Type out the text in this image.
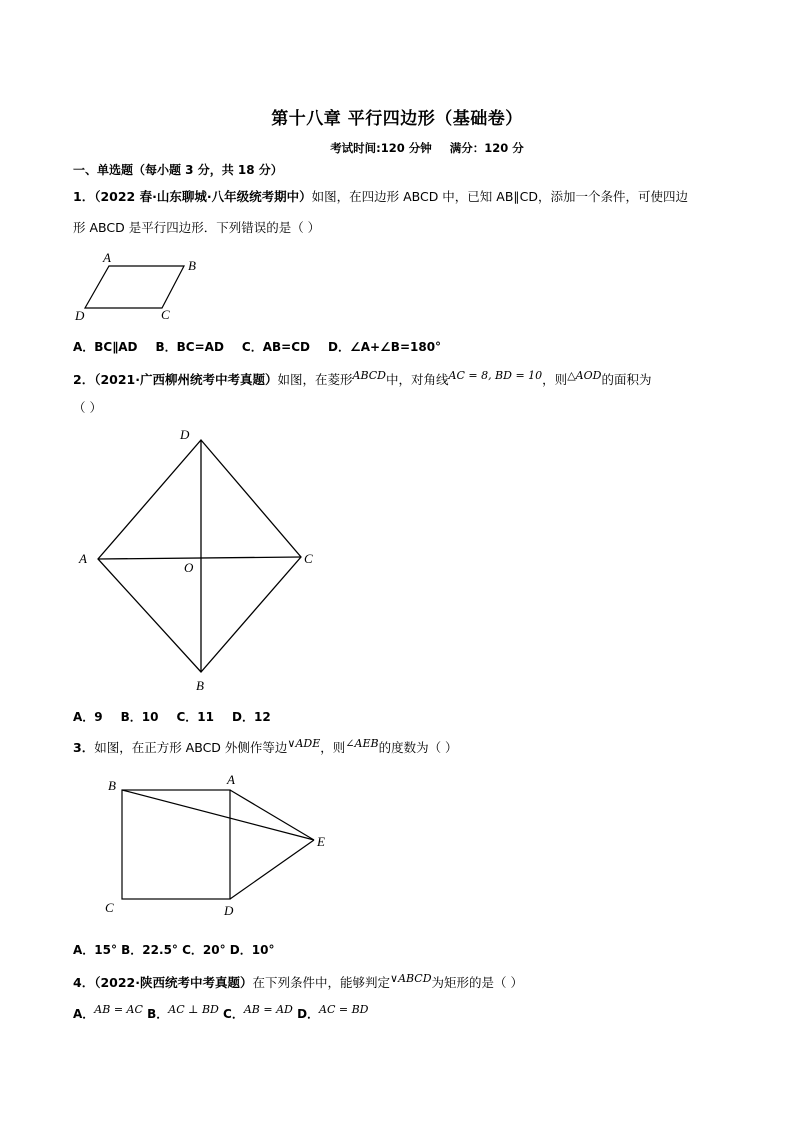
第十八章 平行四边形（基础卷）
考试时间:120 分钟 满分：120 分
一、单选题（每小题 3 分，共 18 分）
1．（2022 春·山东聊城·八年级统考期中）如图，在四边形 ABCD 中，已知 AB∥CD，添加一个条件，可使四边
形 ABCD 是平行四边形．下列错误的是（ ）
A
B
C
D
A．BC∥AD B．BC=AD C．AB=CD D．∠A+∠B=180°
2．（2021·广西柳州统考中考真题）如图，在菱形ABCD中，对角线AC = 8, BD = 10，则△AOD的面积为
（ ）
D
C
B
A
O
A．9 B．10 C．11 D．12
3．如图，在正方形 ABCD 外侧作等边∨ADE，则∠AEB的度数为（ ）
B	A
E
C	D
A．15° B．22.5° C．20° D．10°
4．（2022·陕西统考中考真题）在下列条件中，能够判定∨ABCD为矩形的是（ ）
A．AB = AC B．AC ⊥ BD C．AB = AD D．AC = BD
